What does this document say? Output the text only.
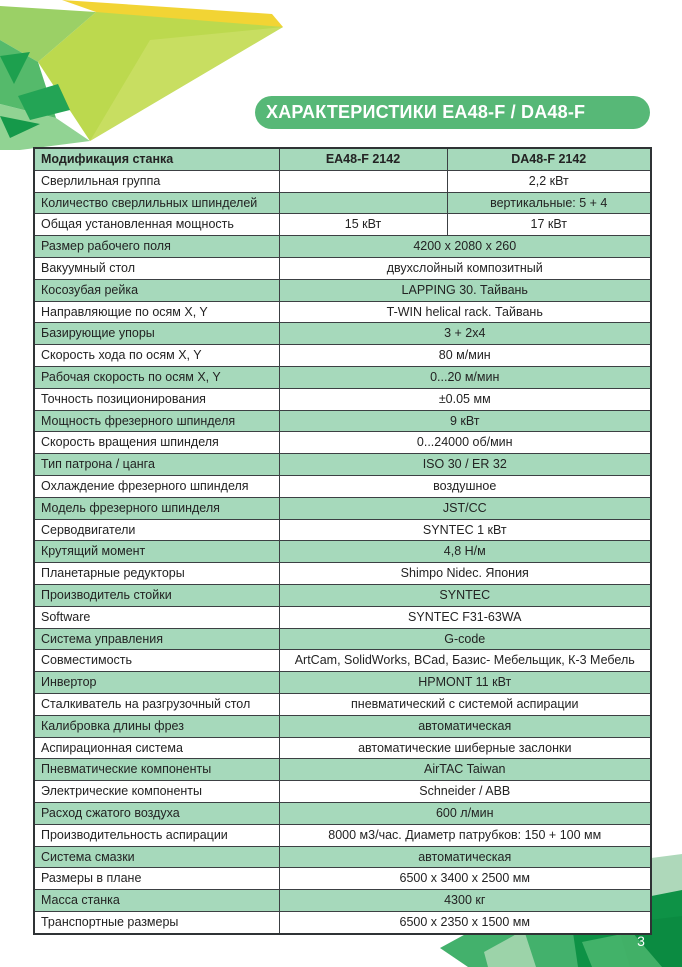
ХАРАКТЕРИСТИКИ EA48-F / DA48-F
Модификация станка	EA48-F 2142	DA48-F 2142
Сверлильная группа		2,2 кВт
Количество сверлильных шпинделей		вертикальные: 5 + 4
Общая установленная мощность	15 кВт	17 кВт
Размер рабочего поля	4200 x 2080 x 260	
Вакуумный стол	двухслойный композитный	
Косозубая рейка	LAPPING 30. Тайвань	
Направляющие по осям X, Y	T-WIN helical rack. Тайвань	
Базирующие упоры	3 + 2x4	
Скорость хода по осям X, Y	80 м/мин	
Рабочая скорость по осям X, Y	0...20 м/мин	
Точность позиционирования	±0.05 мм	
Мощность фрезерного шпинделя	9 кВт	
Скорость вращения шпинделя	0...24000 об/мин	
Тип патрона / цанга	ISO 30 / ER 32	
Охлаждение фрезерного шпинделя	воздушное	
Модель фрезерного шпинделя	JST/CC	
Серводвигатели	SYNTEC 1 кВт	
Крутящий момент	4,8 Н/м	
Планетарные редукторы	Shimpo Nidec. Япония	
Производитель стойки	SYNTEC	
Software	SYNTEC F31-63WA	
Система управления	G-code	
Совместимость	ArtCam, SolidWorks, BCad, Базис- Мебельщик, К-3 Мебель	
Инвертор	HPMONT 11 кВт	
Сталкиватель на разгрузочный стол	пневматический с системой аспирации	
Калибровка длины фрез	автоматическая	
Аспирационная система	автоматические шиберные заслонки	
Пневматические компоненты	AirTAC Taiwan	
Электрические компоненты	Schneider / ABB	
Расход сжатого воздуха	600 л/мин	
Производительность аспирации	8000 м3/час. Диаметр патрубков: 150 + 100 мм	
Система смазки	автоматическая	
Размеры в плане	6500 x 3400 x 2500 мм	
Масса станка	4300 кг	
Транспортные размеры	6500 x 2350 x 1500 мм	
3
